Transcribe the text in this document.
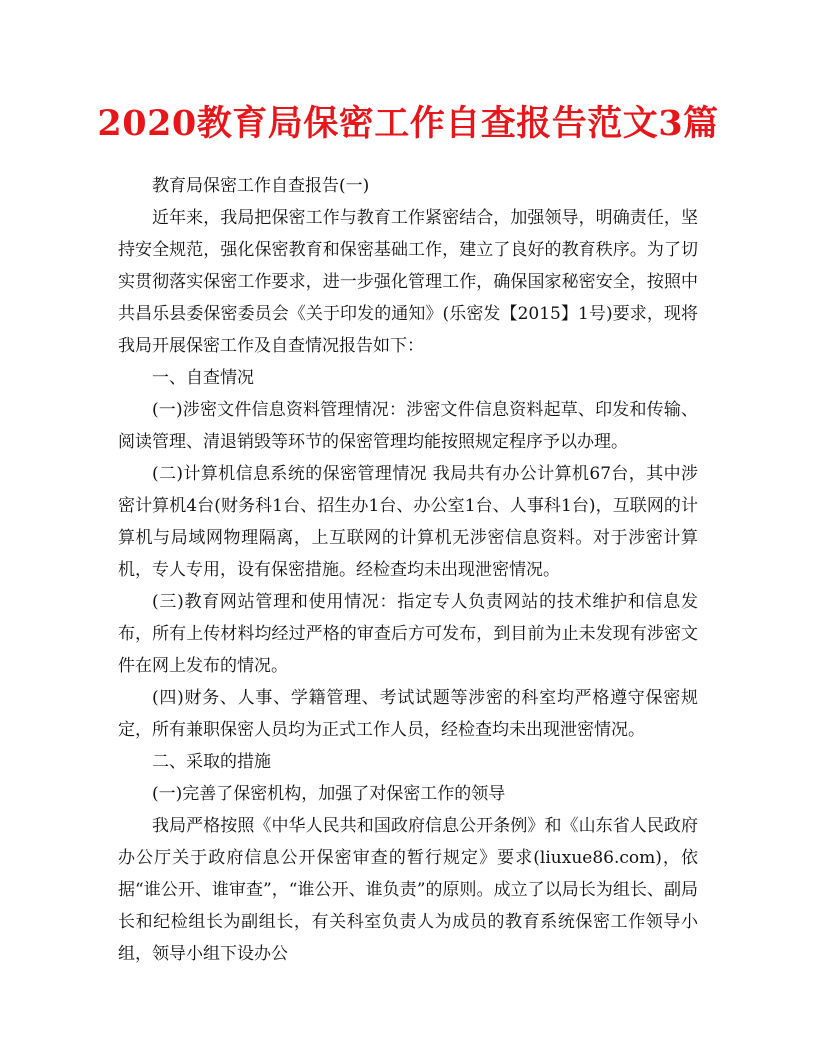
2020教育局保密工作自查报告范文3篇

教育局保密工作自查报告(一)

近年来，我局把保密工作与教育工作紧密结合，加强领导，明确责任，坚持安全规范，强化保密教育和保密基础工作，建立了良好的教育秩序。为了切实贯彻落实保密工作要求，进一步强化管理工作，确保国家秘密安全，按照中共昌乐县委保密委员会《关于印发的通知》(乐密发【2015】1号)要求，现将我局开展保密工作及自查情况报告如下：

一、自查情况

(一)涉密文件信息资料管理情况：涉密文件信息资料起草、印发和传输、阅读管理、清退销毁等环节的保密管理均能按照规定程序予以办理。

(二)计算机信息系统的保密管理情况 我局共有办公计算机67台，其中涉密计算机4台(财务科1台、招生办1台、办公室1台、人事科1台)，互联网的计算机与局域网物理隔离，上互联网的计算机无涉密信息资料。对于涉密计算机，专人专用，设有保密措施。经检查均未出现泄密情况。

(三)教育网站管理和使用情况：指定专人负责网站的技术维护和信息发布，所有上传材料均经过严格的审查后方可发布，到目前为止未发现有涉密文件在网上发布的情况。

(四)财务、人事、学籍管理、考试试题等涉密的科室均严格遵守保密规定，所有兼职保密人员均为正式工作人员，经检查均未出现泄密情况。

二、采取的措施

(一)完善了保密机构，加强了对保密工作的领导

我局严格按照《中华人民共和国政府信息公开条例》和《山东省人民政府办公厅关于政府信息公开保密审查的暂行规定》要求(liuxue86.com)，依据“谁公开、谁审查”，“谁公开、谁负责”的原则。成立了以局长为组长、副局长和纪检组长为副组长，有关科室负责人为成员的教育系统保密工作领导小组，领导小组下设办公
